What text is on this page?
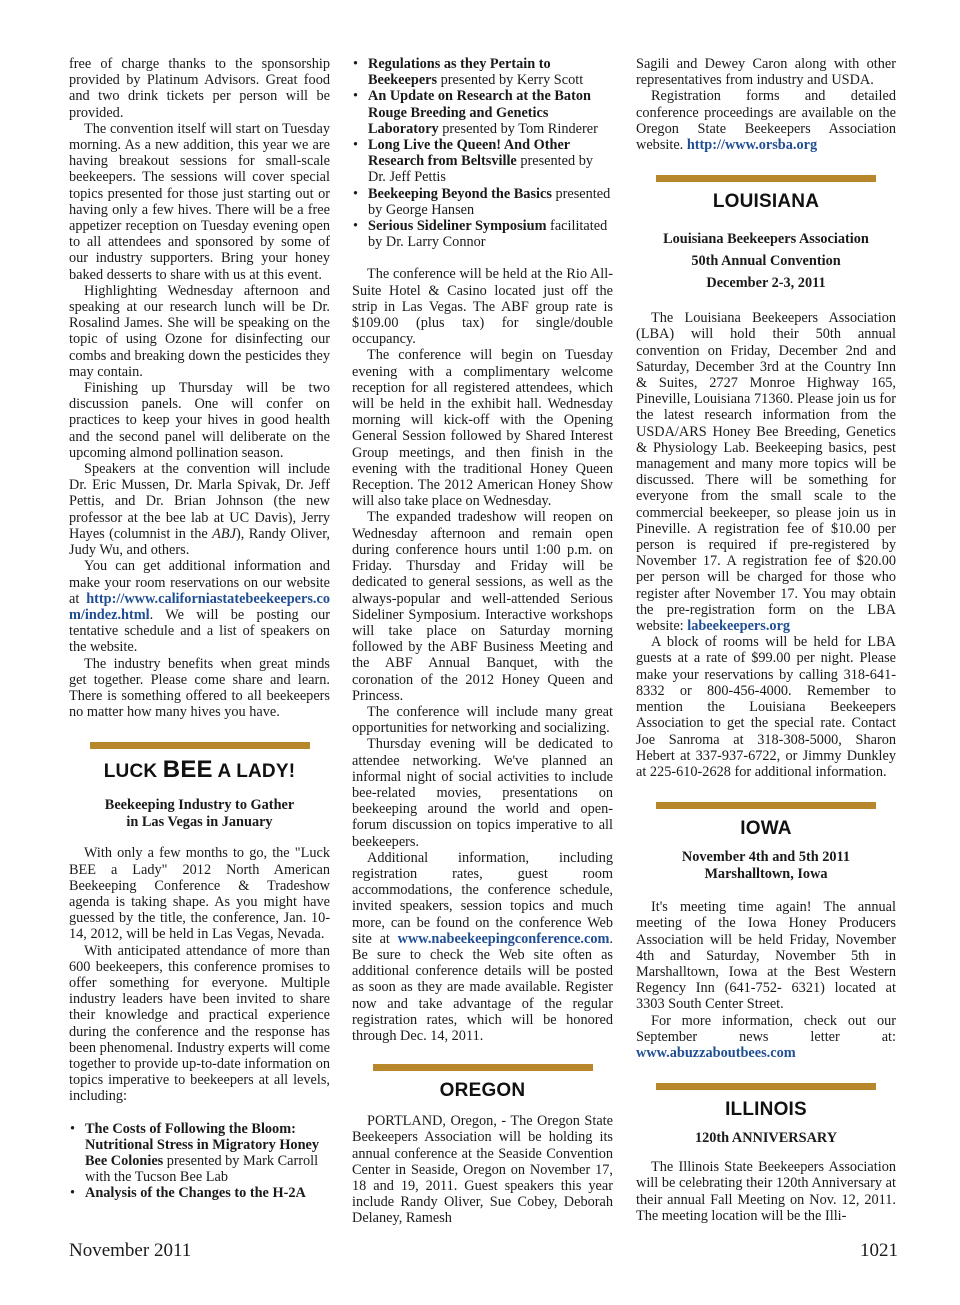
free of charge thanks to the sponsorship provided by Platinum Advisors. Great food and two drink tickets per person will be provided.

The convention itself will start on Tuesday morning. As a new addition, this year we are having breakout sessions for small-scale beekeepers. The sessions will cover special topics presented for those just starting out or having only a few hives. There will be a free appetizer reception on Tuesday evening open to all attendees and sponsored by some of our industry supporters. Bring your honey baked desserts to share with us at this event.

Highlighting Wednesday afternoon and speaking at our research lunch will be Dr. Rosalind James. She will be speaking on the topic of using Ozone for disinfecting our combs and breaking down the pesticides they may contain.

Finishing up Thursday will be two discussion panels. One will confer on practices to keep your hives in good health and the second panel will deliberate on the upcoming almond pollination season.

Speakers at the convention will include Dr. Eric Mussen, Dr. Marla Spivak, Dr. Jeff Pettis, and Dr. Brian Johnson (the new professor at the bee lab at UC Davis), Jerry Hayes (columnist in the ABJ), Randy Oliver, Judy Wu, and others.

You can get additional information and make your room reservations on our website at http://www.californiastatebeekeepers.com/indez.html. We will be posting our tentative schedule and a list of speakers on the website.

The industry benefits when great minds get together. Please come share and learn. There is something offered to all beekeepers no matter how many hives you have.

LUCK BEE A LADY!
Beekeeping Industry to Gather
in Las Vegas in January

With only a few months to go, the "Luck BEE a Lady" 2012 North American Beekeeping Conference & Tradeshow agenda is taking shape. As you might have guessed by the title, the conference, Jan. 10-14, 2012, will be held in Las Vegas, Nevada.

With anticipated attendance of more than 600 beekeepers, this conference promises to offer something for everyone. Multiple industry leaders have been invited to share their knowledge and practical experience during the conference and the response has been phenomenal. Industry experts will come together to provide up-to-date information on topics imperative to beekeepers at all levels, including:

• The Costs of Following the Bloom: Nutritional Stress in Migratory Honey Bee Colonies presented by Mark Carroll with the Tucson Bee Lab
• Analysis of the Changes to the H-2A
• Regulations as they Pertain to Beekeepers presented by Kerry Scott
• An Update on Research at the Baton Rouge Breeding and Genetics Laboratory presented by Tom Rinderer
• Long Live the Queen! And Other Research from Beltsville presented by Dr. Jeff Pettis
• Beekeeping Beyond the Basics presented by George Hansen
• Serious Sideliner Symposium facilitated by Dr. Larry Connor

The conference will be held at the Rio All-Suite Hotel & Casino located just off the strip in Las Vegas. The ABF group rate is $109.00 (plus tax) for single/double occupancy.

The conference will begin on Tuesday evening with a complimentary welcome reception for all registered attendees, which will be held in the exhibit hall. Wednesday morning will kick-off with the Opening General Session followed by Shared Interest Group meetings, and then finish in the evening with the traditional Honey Queen Reception. The 2012 American Honey Show will also take place on Wednesday.

The expanded tradeshow will reopen on Wednesday afternoon and remain open during conference hours until 1:00 p.m. on Friday. Thursday and Friday will be dedicated to general sessions, as well as the always-popular and well-attended Serious Sideliner Symposium. Interactive workshops will take place on Saturday morning followed by the ABF Business Meeting and the ABF Annual Banquet, with the coronation of the 2012 Honey Queen and Princess.

The conference will include many great opportunities for networking and socializing.

Thursday evening will be dedicated to attendee networking. We've planned an informal night of social activities to include bee-related movies, presentations on beekeeping around the world and open-forum discussion on topics imperative to all beekeepers.

Additional information, including registration rates, guest room accommodations, the conference schedule, invited speakers, session topics and much more, can be found on the conference Web site at www.nabeekeepingconference.com. Be sure to check the Web site often as additional conference details will be posted as soon as they are made available. Register now and take advantage of the regular registration rates, which will be honored through Dec. 14, 2011.

OREGON

PORTLAND, Oregon, - The Oregon State Beekeepers Association will be holding its annual conference at the Seaside Convention Center in Seaside, Oregon on November 17, 18 and 19, 2011. Guest speakers this year include Randy Oliver, Sue Cobey, Deborah Delaney, Ramesh

Sagili and Dewey Caron along with other representatives from industry and USDA.

Registration forms and detailed conference proceedings are available on the Oregon State Beekeepers Association website. http://www.orsba.org

LOUISIANA
Louisiana Beekeepers Association
50th Annual Convention
December 2-3, 2011

The Louisiana Beekeepers Association (LBA) will hold their 50th annual convention on Friday, December 2nd and Saturday, December 3rd at the Country Inn & Suites, 2727 Monroe Highway 165, Pineville, Louisiana 71360. Please join us for the latest research information from the USDA/ARS Honey Bee Breeding, Genetics & Physiology Lab. Beekeeping basics, pest management and many more topics will be discussed. There will be something for everyone from the small scale to the commercial beekeeper, so please join us in Pineville. A registration fee of $10.00 per person is required if pre-registered by November 17. A registration fee of $20.00 per person will be charged for those who register after November 17. You may obtain the pre-registration form on the LBA website: labeekeepers.org

A block of rooms will be held for LBA guests at a rate of $99.00 per night. Please make your reservations by calling 318-641-8332 or 800-456-4000. Remember to mention the Louisiana Beekeepers Association to get the special rate. Contact Joe Sanroma at 318-308-5000, Sharon Hebert at 337-937-6722, or Jimmy Dunkley at 225-610-2628 for additional information.

IOWA
November 4th and 5th 2011
Marshalltown, Iowa

It's meeting time again! The annual meeting of the Iowa Honey Producers Association will be held Friday, November 4th and Saturday, November 5th in Marshalltown, Iowa at the Best Western Regency Inn (641-752- 6321) located at 3303 South Center Street.

For more information, check out our September news letter at: www.abuzzaboutbees.com

ILLINOIS
120th ANNIVERSARY

The Illinois State Beekeepers Association will be celebrating their 120th Anniversary at their annual Fall Meeting on Nov. 12, 2011. The meeting location will be the Illi-

November 2011	1021
